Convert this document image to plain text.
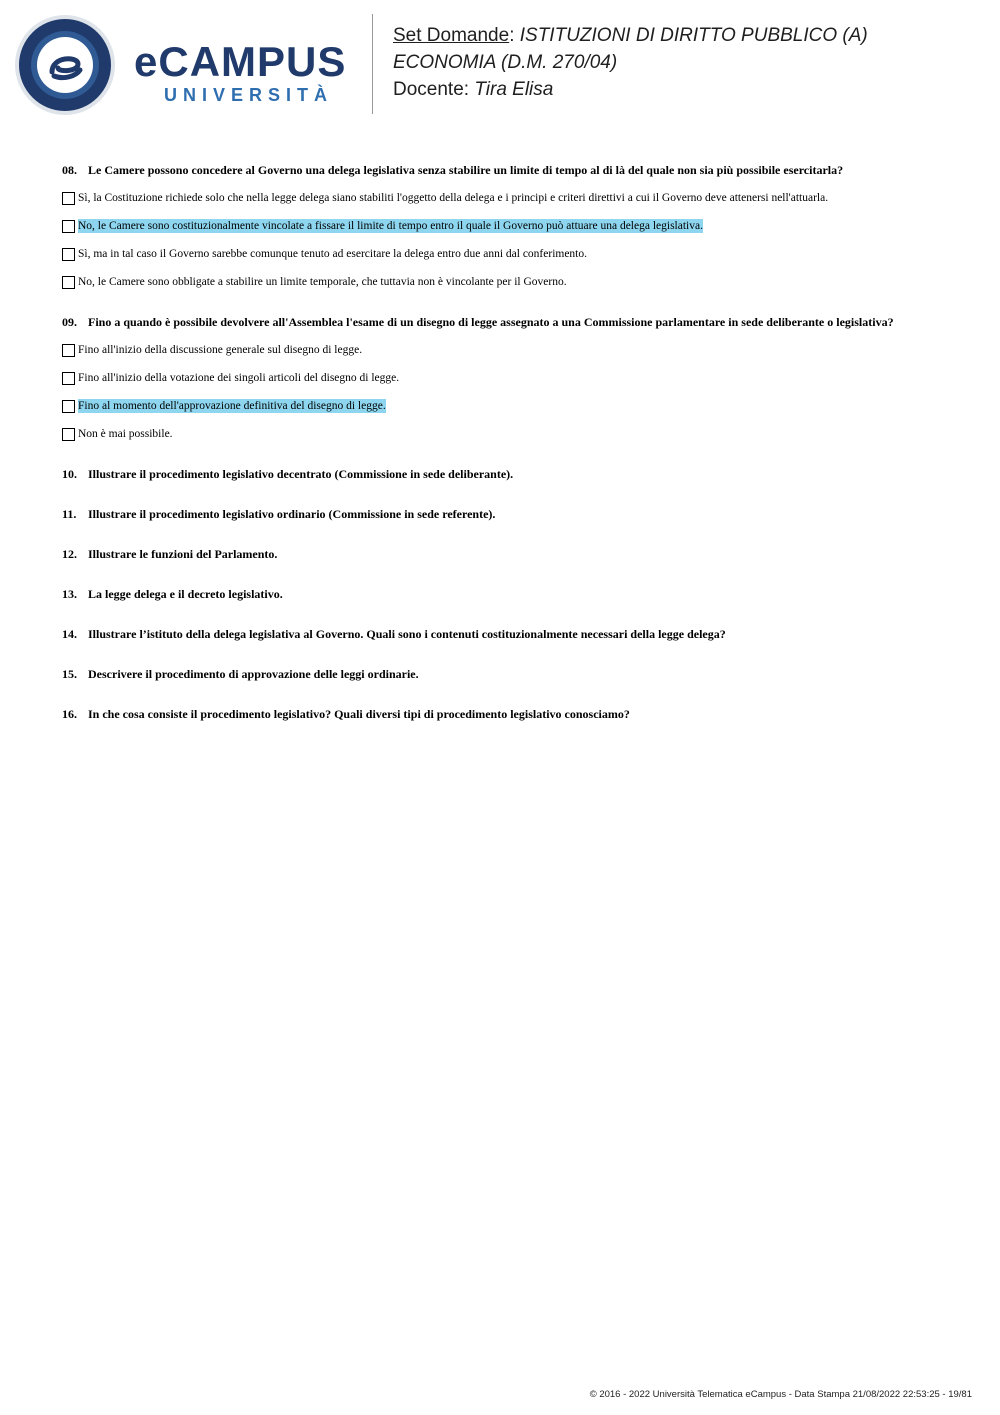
eCAMPUS
UNIVERSITÀ
Set Domande: ISTITUZIONI DI DIRITTO PUBBLICO (A)
ECONOMIA (D.M. 270/04)
Docente: Tira Elisa
08. Le Camere possono concedere al Governo una delega legislativa senza stabilire un limite di tempo al di là del quale non sia più possibile esercitarla?
Sì, la Costituzione richiede solo che nella legge delega siano stabiliti l'oggetto della delega e i principi e criteri direttivi a cui il Governo deve attenersi nell'attuarla.
No, le Camere sono costituzionalmente vincolate a fissare il limite di tempo entro il quale il Governo può attuare una delega legislativa.
Sì, ma in tal caso il Governo sarebbe comunque tenuto ad esercitare la delega entro due anni dal conferimento.
No, le Camere sono obbligate a stabilire un limite temporale, che tuttavia non è vincolante per il Governo.
09. Fino a quando è possibile devolvere all'Assemblea l'esame di un disegno di legge assegnato a una Commissione parlamentare in sede deliberante o legislativa?
Fino all'inizio della discussione generale sul disegno di legge.
Fino all'inizio della votazione dei singoli articoli del disegno di legge.
Fino al momento dell'approvazione definitiva del disegno di legge.
Non è mai possibile.
10. Illustrare il procedimento legislativo decentrato (Commissione in sede deliberante).
11. Illustrare il procedimento legislativo ordinario (Commissione in sede referente).
12. Illustrare le funzioni del Parlamento.
13. La legge delega e il decreto legislativo.
14. Illustrare l’istituto della delega legislativa al Governo. Quali sono i contenuti costituzionalmente necessari della legge delega?
15. Descrivere il procedimento di approvazione delle leggi ordinarie.
16. In che cosa consiste il procedimento legislativo? Quali diversi tipi di procedimento legislativo conosciamo?
© 2016 - 2022 Università Telematica eCampus - Data Stampa 21/08/2022 22:53:25 - 19/81
